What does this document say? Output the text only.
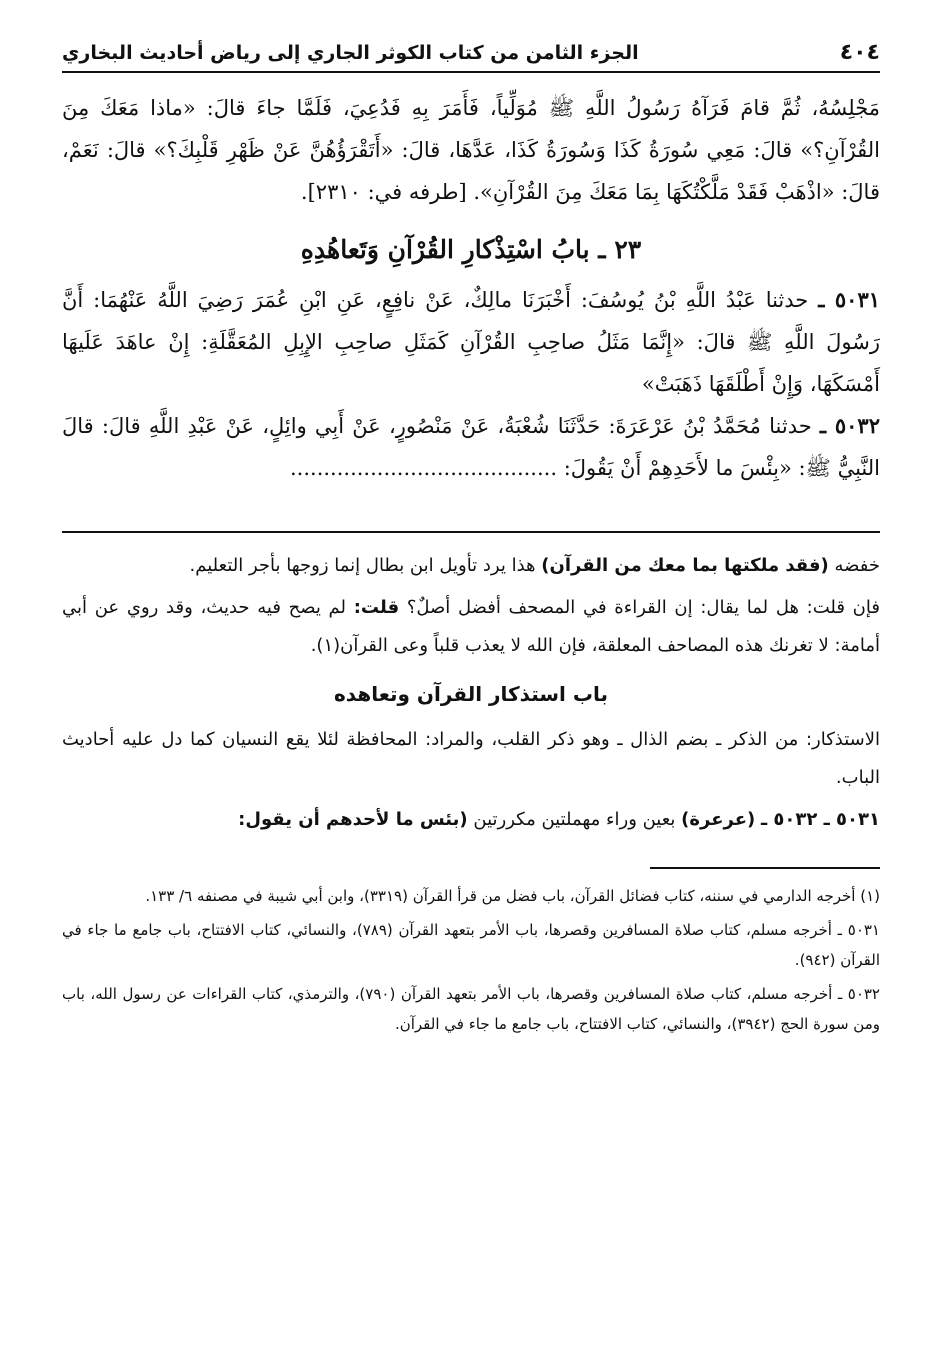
٤٠٤
الجزء الثامن من كتاب الكوثر الجاري إلى رياض أحاديث البخاري

مَجْلِسُهُ، ثُمَّ قامَ فَرَآهُ رَسُولُ اللَّهِ ﷺ مُوَلِّياً، فَأَمَرَ بِهِ فَدُعِيَ، فَلَمَّا جاءَ قالَ: «ماذا مَعَكَ مِنَ القُرْآنِ؟» قالَ: مَعِي سُورَةُ كَذَا وَسُورَةُ كَذَا، عَدَّهَا، قالَ: «أَتَقْرَؤُهُنَّ عَنْ ظَهْرِ قَلْبِكَ؟» قالَ: نَعَمْ، قالَ: «اذْهَبْ فَقَدْ مَلَّكْتُكَهَا بِمَا مَعَكَ مِنَ القُرْآنِ». [طرفه في: ٢٣١٠].

٢٣ ـ بابُ اسْتِذْكارِ القُرْآنِ وَتَعاهُدِهِ

٥٠٣١ ـ حدثنا عَبْدُ اللَّهِ بْنُ يُوسُفَ: أَخْبَرَنَا مالِكٌ، عَنْ نافِعٍ، عَنِ ابْنِ عُمَرَ رَضِيَ اللَّهُ عَنْهُمَا: أَنَّ رَسُولَ اللَّهِ ﷺ قالَ: «إِنَّمَا مَثَلُ صاحِبِ القُرْآنِ كَمَثَلِ صاحِبِ الإِبِلِ المُعَقَّلَةِ: إِنْ عاهَدَ عَلَيهَا أَمْسَكَهَا، وَإِنْ أَطْلَقَهَا ذَهَبَتْ»

٥٠٣٢ ـ حدثنا مُحَمَّدُ بْنُ عَرْعَرَةَ: حَدَّثَنَا شُعْبَةُ، عَنْ مَنْصُورٍ، عَنْ أَبِي وائِلٍ، عَنْ عَبْدِ اللَّهِ قالَ: قالَ النَّبِيُّ ﷺ: «بِئْسَ ما لأَحَدِهِمْ أَنْ يَقُولَ: ........................................

خفضه (فقد ملكتها بما معك من القرآن) هذا يرد تأويل ابن بطال إنما زوجها بأجر التعليم.

فإن قلت: هل لما يقال: إن القراءة في المصحف أفضل أصلٌ؟ قلت: لم يصح فيه حديث، وقد روي عن أبي أمامة: لا تغرنك هذه المصاحف المعلقة، فإن الله لا يعذب قلباً وعى القرآن(١).

باب استذكار القرآن وتعاهده

الاستذكار: من الذكر ـ بضم الذال ـ وهو ذكر القلب، والمراد: المحافظة لئلا يقع النسيان كما دل عليه أحاديث الباب.

٥٠٣١ ـ ٥٠٣٢ ـ (عرعرة) بعين وراء مهملتين مكررتين (بئس ما لأحدهم أن يقول:

(١) أخرجه الدارمي في سننه، كتاب فضائل القرآن، باب فضل من قرأ القرآن (٣٣١٩)، وابن أبي شيبة في مصنفه ٦/ ١٣٣.

٥٠٣١ ـ أخرجه مسلم، كتاب صلاة المسافرين وقصرها، باب الأمر بتعهد القرآن (٧٨٩)، والنسائي، كتاب الافتتاح، باب جامع ما جاء في القرآن (٩٤٢).

٥٠٣٢ ـ أخرجه مسلم، كتاب صلاة المسافرين وقصرها، باب الأمر بتعهد القرآن (٧٩٠)، والترمذي، كتاب القراءات عن رسول الله، باب ومن سورة الحج (٣٩٤٢)، والنسائي، كتاب الافتتاح، باب جامع ما جاء في القرآن.
